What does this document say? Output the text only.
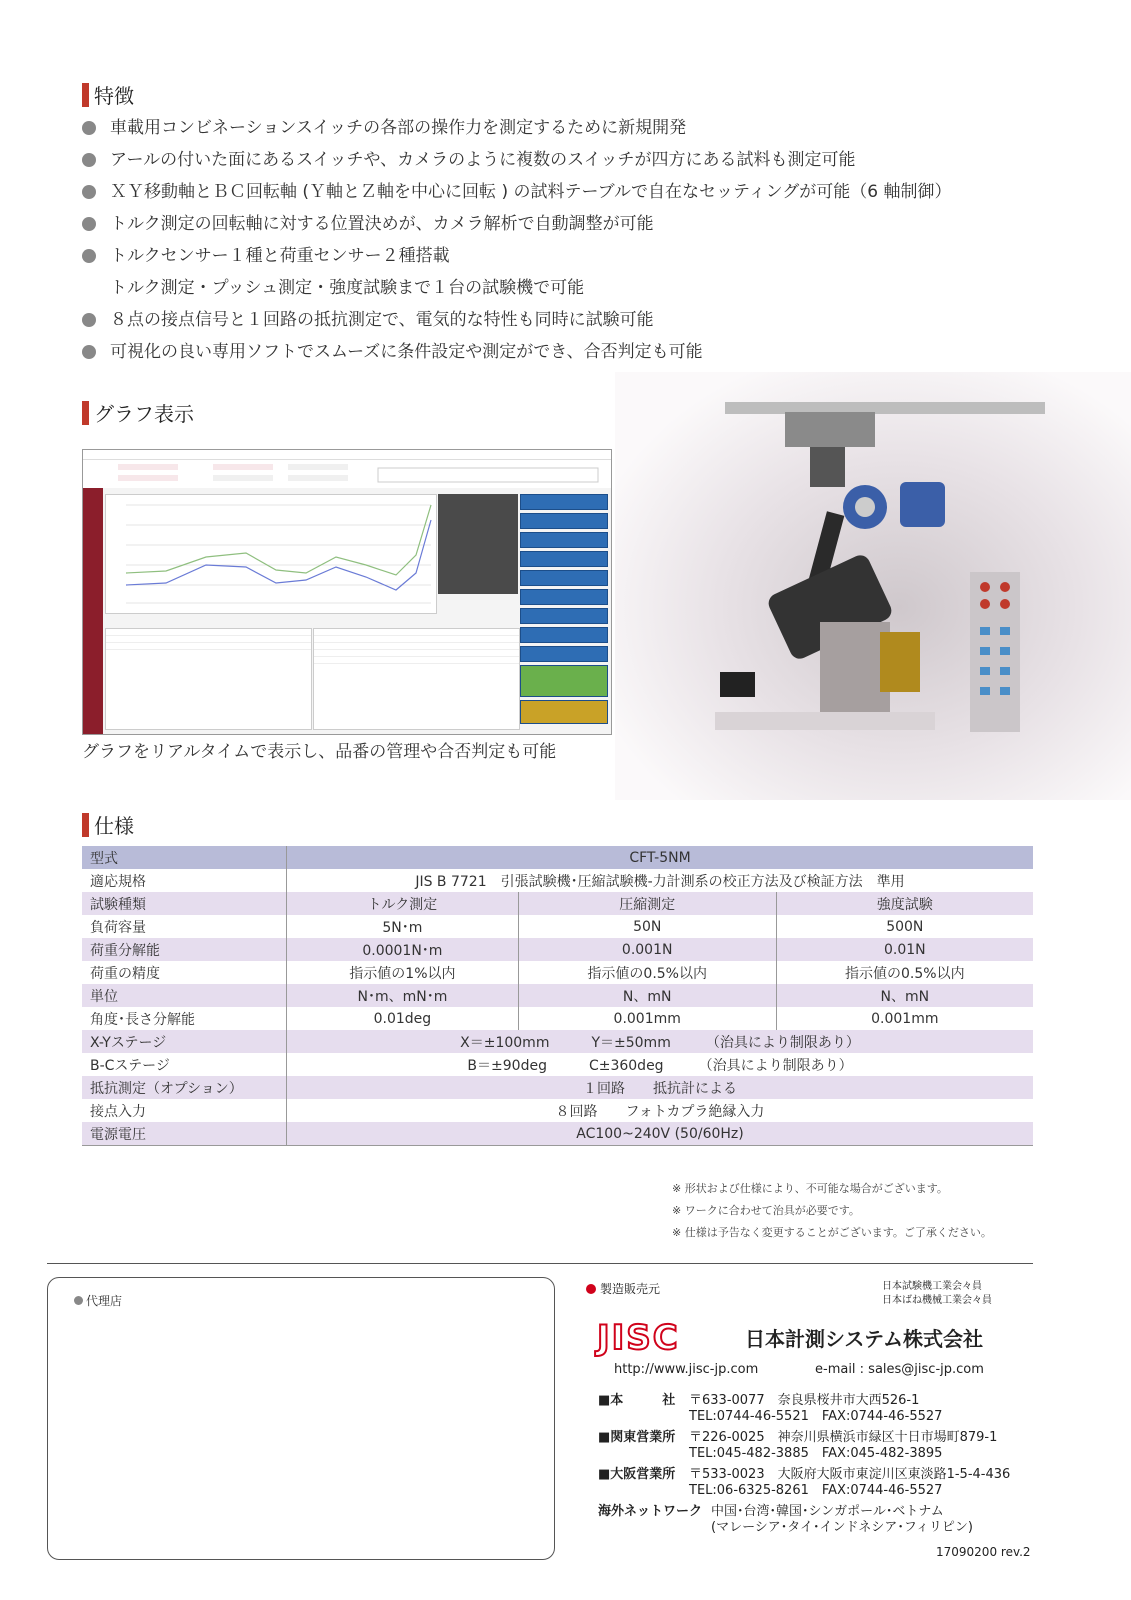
特徴
車載用コンビネーションスイッチの各部の操作力を測定するために新規開発
アールの付いた面にあるスイッチや、カメラのように複数のスイッチが四方にある試料も測定可能
ＸＹ移動軸とＢＣ回転軸 (Ｙ軸とＺ軸を中心に回転 ) の試料テーブルで自在なセッティングが可能（6 軸制御）
トルク測定の回転軸に対する位置決めが、カメラ解析で自動調整が可能
トルクセンサー１種と荷重センサー２種搭載
トルク測定・プッシュ測定・強度試験まで１台の試験機で可能
８点の接点信号と１回路の抵抗測定で、電気的な特性も同時に試験可能
可視化の良い専用ソフトでスムーズに条件設定や測定ができ、合否判定も可能
グラフ表示
グラフをリアルタイムで表示し、品番の管理や合否判定も可能
仕様
型式	CFT-5NM		
適応規格	JIS B 7721　引張試験機･圧縮試験機-力計測系の校正方法及び検証方法　準用		
試験種類	トルク測定	圧縮測定	強度試験
負荷容量	5N･m	50N	500N
荷重分解能	0.0001N･m	0.001N	0.01N
荷重の精度	指示値の1%以内	指示値の0.5%以内	指示値の0.5%以内
単位	N･m、mN･m	N、mN	N、mN
角度･長さ分解能	0.01deg	0.001mm	0.001mm
X-Yステージ	X＝±100mm　　　Y＝±50mm　　　（治具により制限あり）		
B-Cステージ	B＝±90deg　　　C±360deg　　　（治具により制限あり）		
抵抗測定（オプション）	１回路　　抵抗計による		
接点入力	８回路　　フォトカプラ絶縁入力		
電源電圧	AC100~240V (50/60Hz)		
※ 形状および仕様により、不可能な場合がございます。
※ ワークに合わせて治具が必要です。
※ 仕様は予告なく変更することがございます。ご了承ください。
代理店
製造販売元	日本試験機工業会々員
日本ばね機械工業会々員
JISC	日本計測システム株式会社
http://www.jisc-jp.com	e-mail : sales@jisc-jp.com
■本　　　社 〒633-0077　奈良県桜井市大西526-1
TEL:0744-46-5521　FAX:0744-46-5527
■関東営業所 〒226-0025　神奈川県横浜市緑区十日市場町879-1
TEL:045-482-3885　FAX:045-482-3895
■大阪営業所 〒533-0023　大阪府大阪市東淀川区東淡路1-5-4-436
TEL:06-6325-8261　FAX:0744-46-5527
海外ネットワーク 中国･台湾･韓国･シンガポール･ベトナム
(マレーシア･タイ･インドネシア･フィリピン)
17090200 rev.2
